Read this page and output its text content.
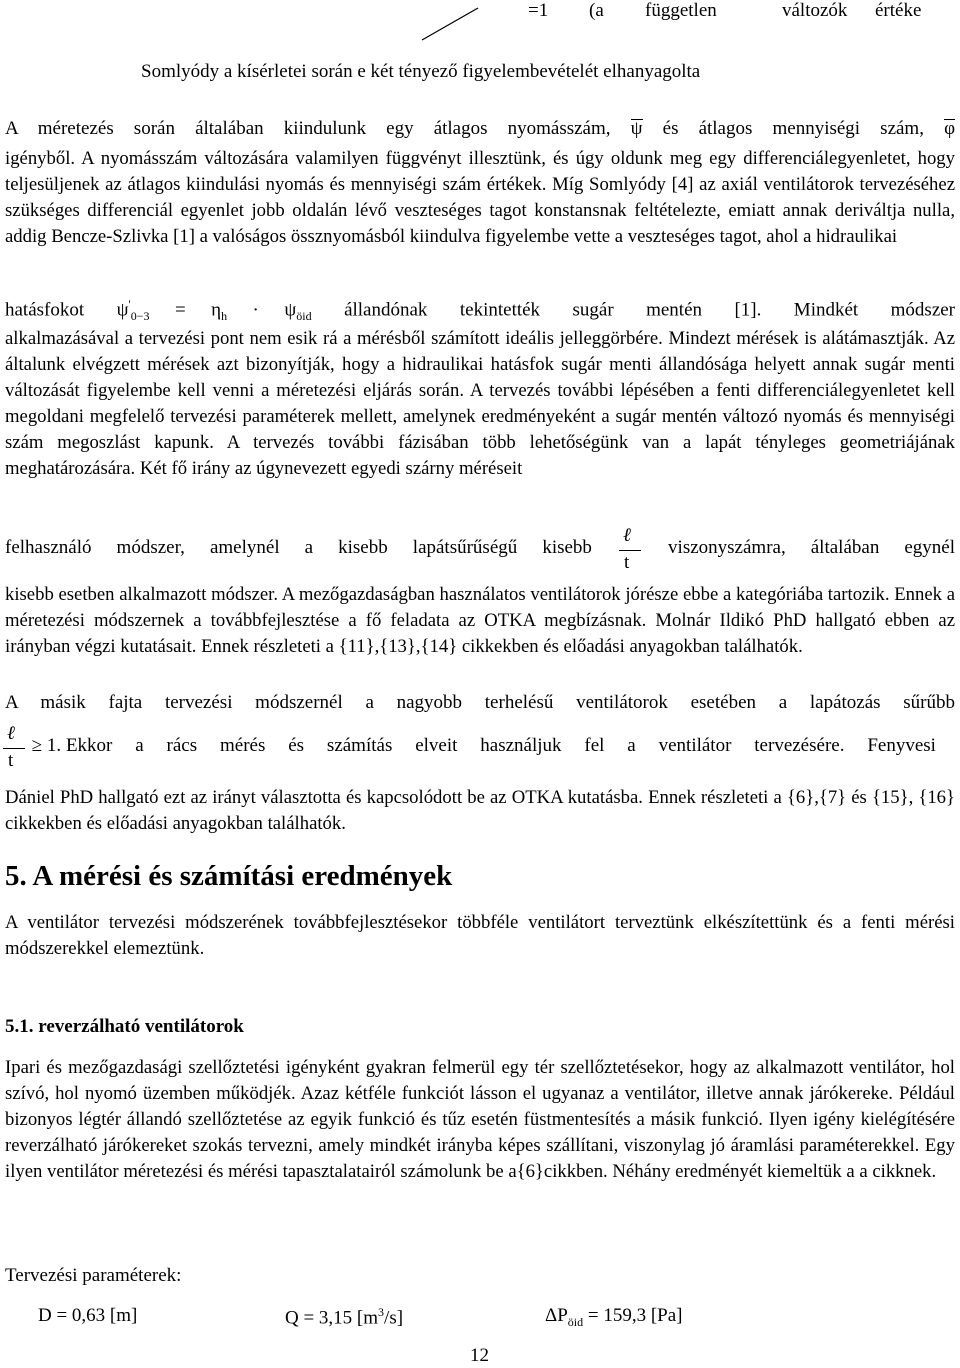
=1 (a független	változók értéke
Somlyódy a kísérletei során e két tényező figyelembevételét elhanyagolta
A méretezés során általában kiindulunk egy átlagos nyomásszám, ψ és átlagos mennyiségi szám, φ
igényből. A nyomásszám változására valamilyen függvényt illesztünk, és úgy oldunk meg egy differenciálegyenletet, hogy teljesüljenek az átlagos kiindulási nyomás és mennyiségi szám értékek. Míg Somlyódy [4] az axiál ventilátorok tervezéséhez szükséges differenciál egyenlet jobb oldalán lévő veszteséges tagot konstansnak feltételezte, emiatt annak deriváltja nulla, addig Bencze-Szlivka [1] a valóságos össznyomásból kiindulva figyelembe vette a veszteséges tagot, ahol a hidraulikai
hatásfokot $\psi'_{0-3} = \eta_h \cdot \psi_{öid}$ állandónak tekintették sugár mentén [1]. Mindkét módszer
alkalmazásával a tervezési pont nem esik rá a mérésből számított ideális jelleggörbére. Mindezt mérések is alátámasztják. Az általunk elvégzett mérések azt bizonyítják, hogy a hidraulikai hatásfok sugár menti állandósága helyett annak sugár menti változását figyelembe kell venni a méretezési eljárás során. A tervezés további lépésében a fenti differenciálegyenletet kell megoldani megfelelő tervezési paraméterek mellett, amelynek eredményeként a sugár mentén változó nyomás és mennyiségi szám megoszlást kapunk. A tervezés további fázisában több lehetőségünk van a lapát tényleges geometriájának meghatározására. Két fő irány az úgynevezett egyedi szárny méréseit
felhasználó módszer, amelynél a kisebb lapátsűrűségű kisebb $\frac{\text{ℓ}}{t}$ viszonyszámra, általában egynél
kisebb esetben alkalmazott módszer. A mezőgazdaságban használatos ventilátorok jórésze ebbe a kategóriába tartozik. Ennek a méretezési módszernek a továbbfejlesztése a fő feladata az OTKA megbízásnak. Molnár Ildikó PhD hallgató ebben az irányban végzi kutatásait. Ennek részleteti a {11},{13},{14} cikkekben és előadási anyagokban találhatók.
A másik fajta tervezési módszernél a nagyobb terhelésű ventilátorok esetében a lapátozás sűrűbb
$\frac{\text{ℓ}}{t} \ge 1$. Ekkor a rács mérés és számítás elveit használjuk fel a ventilátor tervezésére. Fenyvesi
Dániel PhD hallgató ezt az irányt választotta és kapcsolódott be az OTKA kutatásba. Ennek részleteti a {6},{7} és {15}, {16} cikkekben és előadási anyagokban találhatók.
5. A mérési és számítási eredmények
A ventilátor tervezési módszerének továbbfejlesztésekor többféle ventilátort terveztünk elkészítettünk és a fenti mérési módszerekkel elemeztünk.
5.1. reverzálható ventilátorok
Ipari és mezőgazdasági szellőztetési igényként gyakran felmerül egy tér szellőztetésekor, hogy az alkalmazott ventilátor, hol szívó, hol nyomó üzemben működjék. Azaz kétféle funkciót lásson el ugyanaz a ventilátor, illetve annak járókereke. Például bizonyos légtér állandó szellőztetése az egyik funkció és tűz esetén füstmentesítés a másik funkció. Ilyen igény kielégítésére reverzálható járókereket szokás tervezni, amely mindkét irányba képes szállítani, viszonylag jó áramlási paraméterekkel. Egy ilyen ventilátor méretezési és mérési tapasztalatairól számolunk be a{6}cikkben. Néhány eredményét kiemeltük a a cikknek.
Tervezési paraméterek:
D = 0,63 [m]	Q = 3,15 $[m^3/s]$	$\Delta P_{öid} = 159,3$ [Pa]
12
